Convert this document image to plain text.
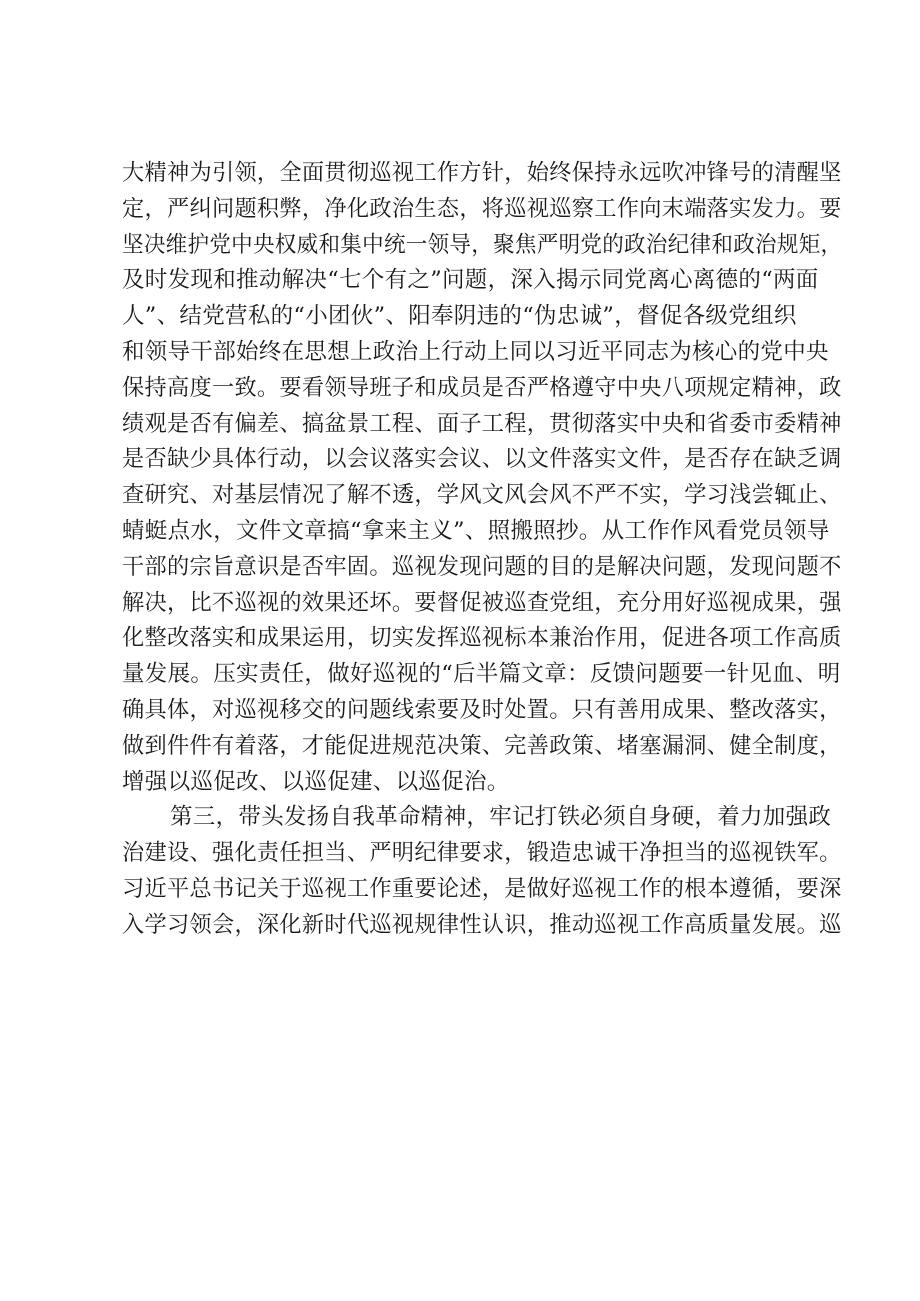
大精神为引领，全面贯彻巡视工作方针，始终保持永远吹冲锋号的清醒坚
定，严纠问题积弊，净化政治生态，将巡视巡察工作向末端落实发力。要
坚决维护党中央权威和集中统一领导，聚焦严明党的政治纪律和政治规矩，
及时发现和推动解决“七个有之”问题，深入揭示同党离心离德的“两面
人”、结党营私的“小团伙”、阳奉阴违的“伪忠诚”，督促各级党组织
和领导干部始终在思想上政治上行动上同以习近平同志为核心的党中央
保持高度一致。要看领导班子和成员是否严格遵守中央八项规定精神，政
绩观是否有偏差、搞盆景工程、面子工程，贯彻落实中央和省委市委精神
是否缺少具体行动，以会议落实会议、以文件落实文件，是否存在缺乏调
查研究、对基层情况了解不透，学风文风会风不严不实，学习浅尝辄止、
蜻蜓点水，文件文章搞“拿来主义”、照搬照抄。从工作作风看党员领导
干部的宗旨意识是否牢固。巡视发现问题的目的是解决问题，发现问题不
解决，比不巡视的效果还坏。要督促被巡查党组，充分用好巡视成果，强
化整改落实和成果运用，切实发挥巡视标本兼治作用，促进各项工作高质
量发展。压实责任，做好巡视的“后半篇文章：反馈问题要一针见血、明
确具体，对巡视移交的问题线索要及时处置。只有善用成果、整改落实，
做到件件有着落，才能促进规范决策、完善政策、堵塞漏洞、健全制度，
增强以巡促改、以巡促建、以巡促治。
第三，带头发扬自我革命精神，牢记打铁必须自身硬，着力加强政
治建设、强化责任担当、严明纪律要求，锻造忠诚干净担当的巡视铁军。
习近平总书记关于巡视工作重要论述，是做好巡视工作的根本遵循，要深
入学习领会，深化新时代巡视规律性认识，推动巡视工作高质量发展。巡
